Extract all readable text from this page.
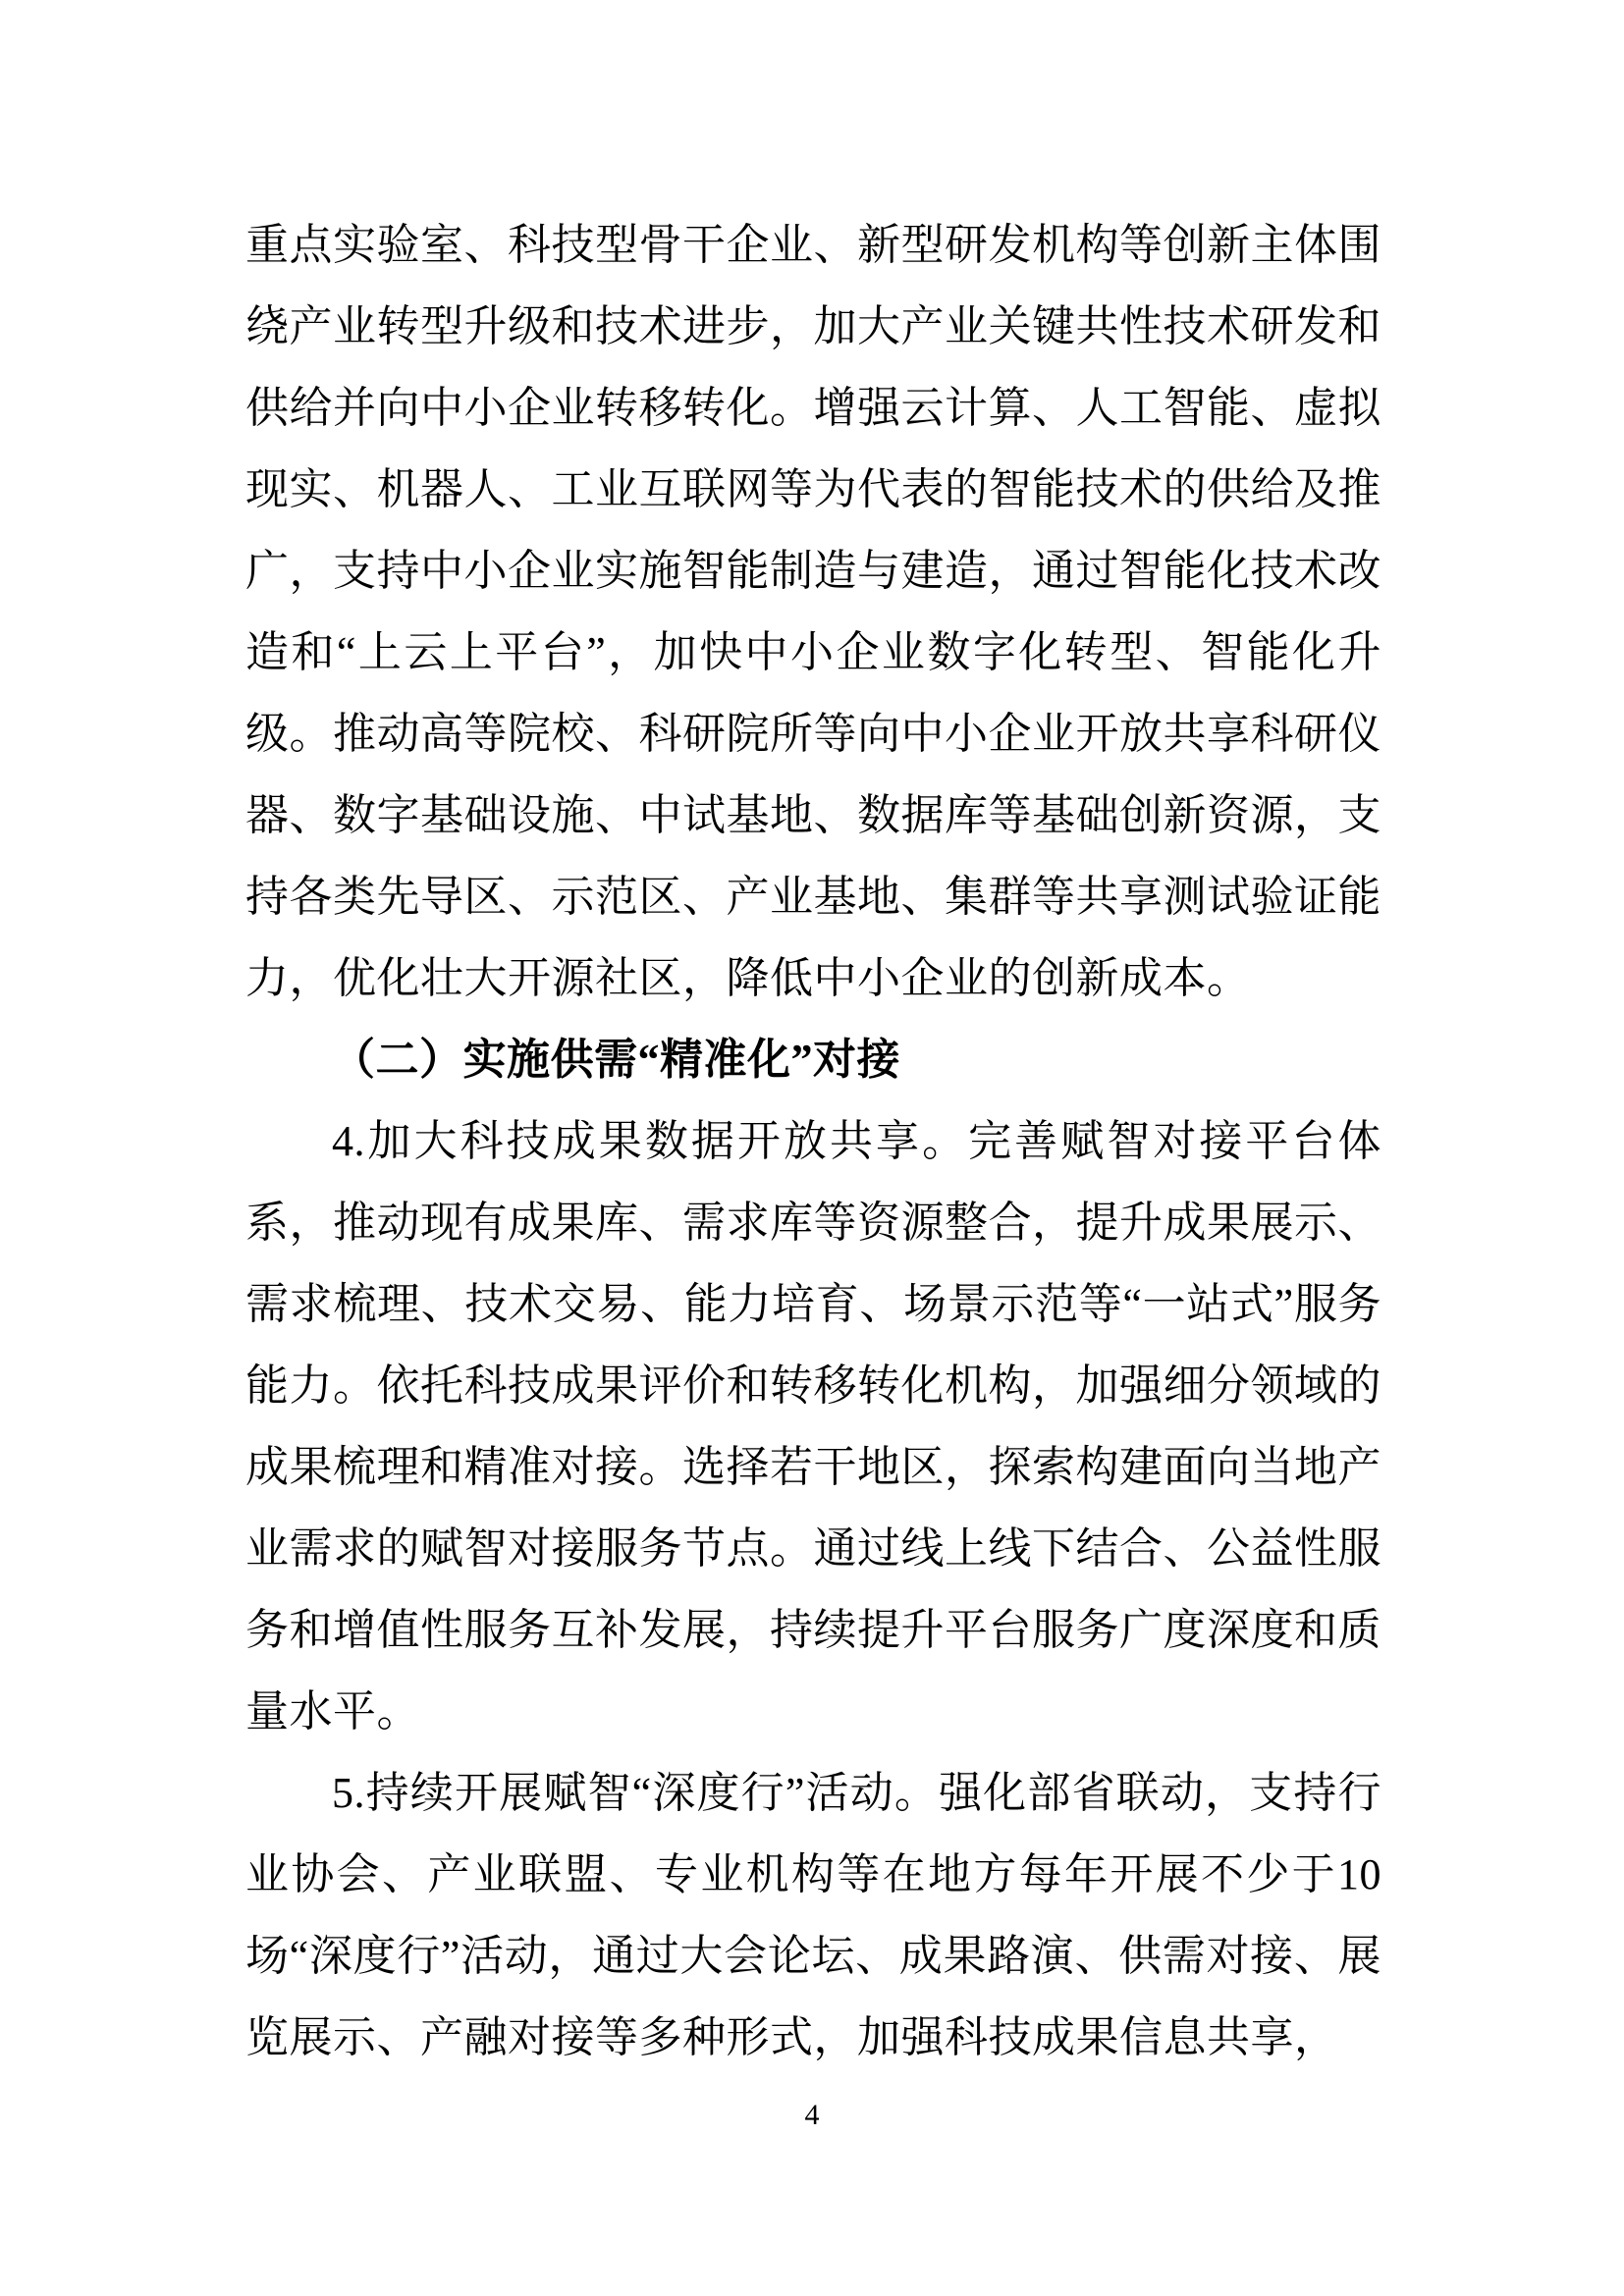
重点实验室、科技型骨干企业、新型研发机构等创新主体围绕产业转型升级和技术进步，加大产业关键共性技术研发和供给并向中小企业转移转化。增强云计算、人工智能、虚拟现实、机器人、工业互联网等为代表的智能技术的供给及推广，支持中小企业实施智能制造与建造，通过智能化技术改造和“上云上平台”，加快中小企业数字化转型、智能化升级。推动高等院校、科研院所等向中小企业开放共享科研仪器、数字基础设施、中试基地、数据库等基础创新资源，支持各类先导区、示范区、产业基地、集群等共享测试验证能力，优化壮大开源社区，降低中小企业的创新成本。

（二）实施供需“精准化”对接

4.加大科技成果数据开放共享。完善赋智对接平台体系，推动现有成果库、需求库等资源整合，提升成果展示、需求梳理、技术交易、能力培育、场景示范等“一站式”服务能力。依托科技成果评价和转移转化机构，加强细分领域的成果梳理和精准对接。选择若干地区，探索构建面向当地产业需求的赋智对接服务节点。通过线上线下结合、公益性服务和增值性服务互补发展，持续提升平台服务广度深度和质量水平。

5.持续开展赋智“深度行”活动。强化部省联动，支持行业协会、产业联盟、专业机构等在地方每年开展不少于10场“深度行”活动，通过大会论坛、成果路演、供需对接、展览展示、产融对接等多种形式，加强科技成果信息共享，

4
